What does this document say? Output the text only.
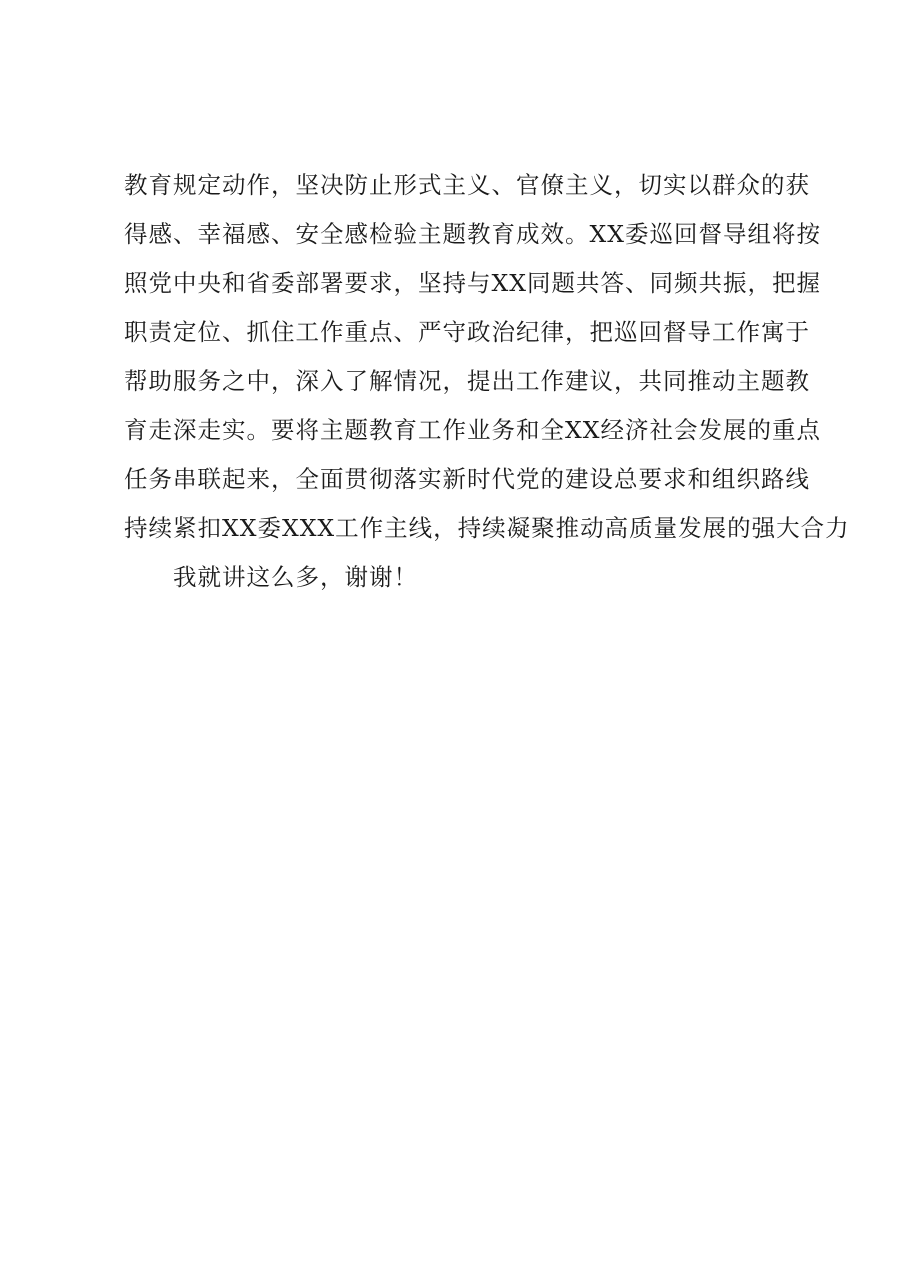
教育规定动作，坚决防止形式主义、官僚主义，切实以群众的获
得感、幸福感、安全感检验主题教育成效。XX委巡回督导组将按
照党中央和省委部署要求，坚持与XX同题共答、同频共振，把握
职责定位、抓住工作重点、严守政治纪律，把巡回督导工作寓于
帮助服务之中，深入了解情况，提出工作建议，共同推动主题教
育走深走实。要将主题教育工作业务和全XX经济社会发展的重点
任务串联起来，全面贯彻落实新时代党的建设总要求和组织路线
持续紧扣XX委XXX工作主线，持续凝聚推动高质量发展的强大合力
我就讲这么多，谢谢！
